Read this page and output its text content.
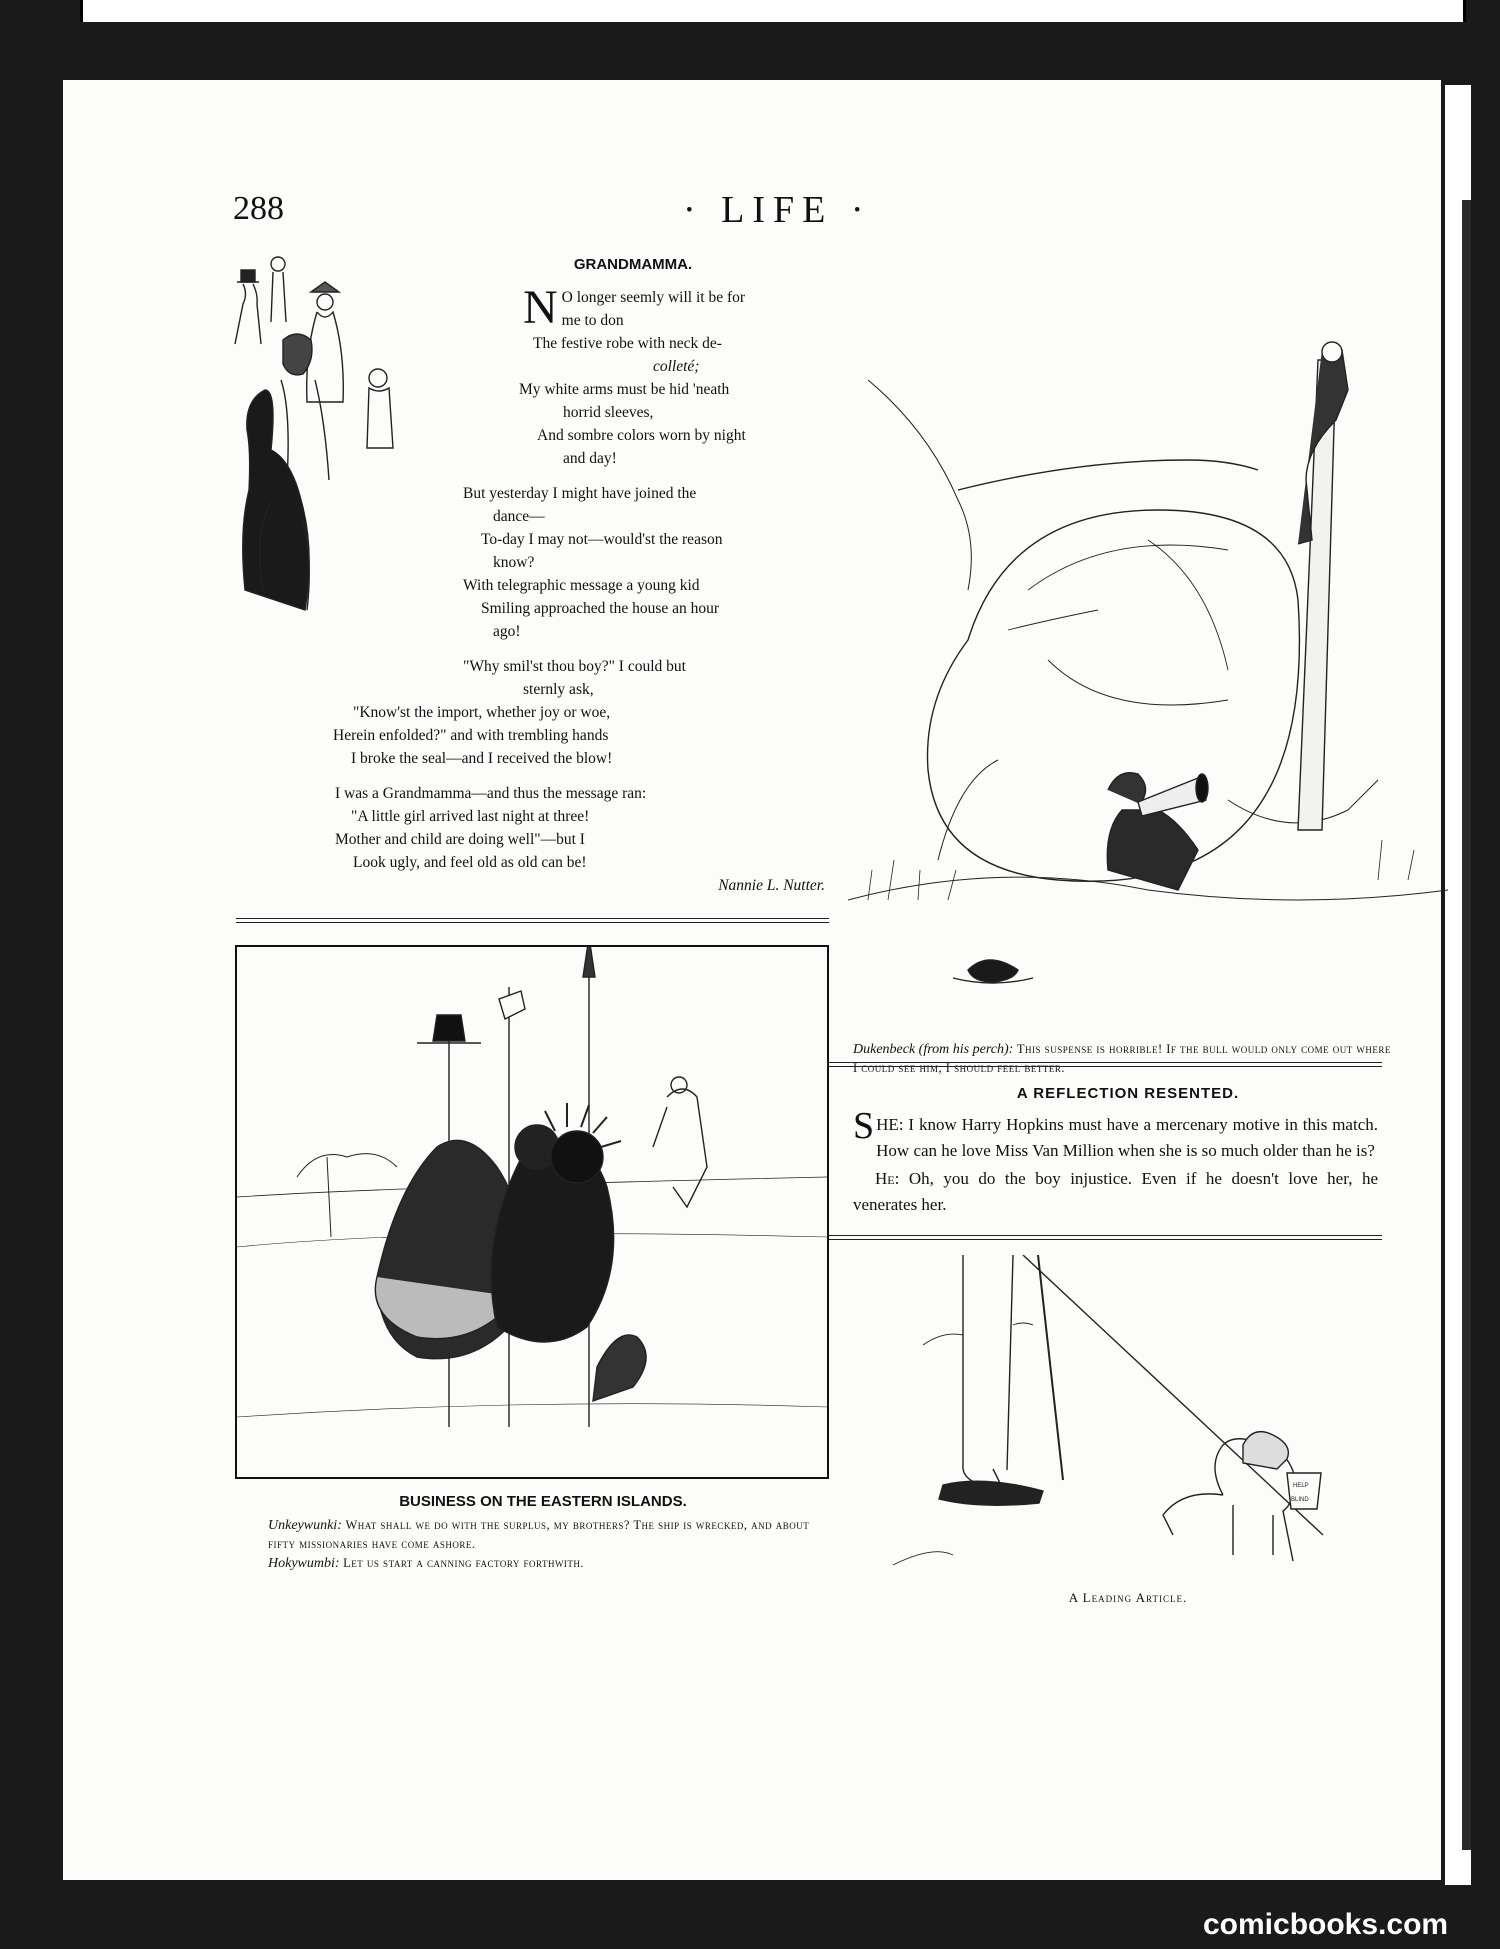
288	· LIFE ·
GRANDMAMMA.
N O longer seemly will it be for
me to don
The festive robe with neck de-
colleté;
My white arms must be hid 'neath
horrid sleeves,
And sombre colors worn by night
and day!
But yesterday I might have joined the
dance—
To-day I may not—would'st the reason
know?
With telegraphic message a young kid
Smiling approached the house an hour
ago!
"Why smil'st thou boy?" I could but
sternly ask,
"Know'st the import, whether joy or woe,
Herein enfolded?" and with trembling hands
I broke the seal—and I received the blow!
I was a Grandmamma—and thus the message ran:
"A little girl arrived last night at three!
Mother and child are doing well"—but I
Look ugly, and feel old as old can be!
Nannie L. Nutter.
Dukenbeck (from his perch): This suspense is horrible! If the bull would only come out where I could see him, I should feel better.
A REFLECTION RESENTED.

SHE: I know Harry Hopkins must have a mercenary motive in this match. How can he love Miss Van Million when she is so much older than he is?

He: Oh, you do the boy injustice. Even if he doesn't love her, he venerates her.

HELP
BLIND
A Leading Article.
BUSINESS ON THE EASTERN ISLANDS.
Unkeywunki: What shall we do with the surplus, my brothers? The ship is wrecked, and about fifty missionaries have come ashore.
Hokywumbi: Let us start a canning factory forthwith.
comicbooks.com
